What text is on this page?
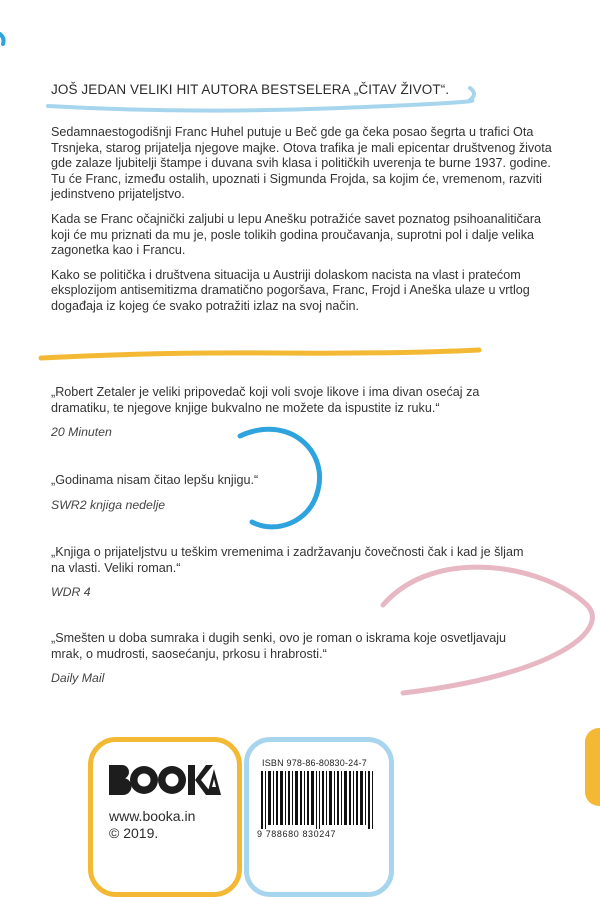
JOŠ JEDAN VELIKI HIT AUTORA BESTSELERA „ČITAV ŽIVOT“.

Sedamnaestogodišnji Franc Huhel putuje u Beč gde ga čeka posao šegrta u trafici Ota Trsnjeka, starog prijatelja njegove majke. Otova trafika je mali epicentar društvenog života gde zalaze ljubitelji štampe i duvana svih klasa i političkih uverenja te burne 1937. godine. Tu će Franc, između ostalih, upoznati i Sigmunda Frojda, sa kojim će, vremenom, razviti jedinstveno prijateljstvo.

Kada se Franc očajnički zaljubi u lepu Anešku potražiće savet poznatog psihoanalitičara koji će mu priznati da mu je, posle tolikih godina proučavanja, suprotni pol i dalje velika zagonetka kao i Francu.

Kako se politička i društvena situacija u Austriji dolaskom nacista na vlast i pratećom eksplozijom antisemitizma dramatično pogoršava, Franc, Frojd i Aneška ulaze u vrtlog događaja iz kojeg će svako potražiti izlaz na svoj način.

„Robert Zetaler je veliki pripovedač koji voli svoje likove i ima divan osećaj za dramatiku, te njegove knjige bukvalno ne možete da ispustite iz ruku.“

20 Minuten

„Godinama nisam čitao lepšu knjigu.“

SWR2 knjiga nedelje

„Knjiga o prijateljstvu u teškim vremenima i zadržavanju čovečnosti čak i kad je šljam na vlasti. Veliki roman.“

WDR 4

„Smešten u doba sumraka i dugih senki, ovo je roman o iskrama koje osvetljavaju mrak, o mudrosti, saosećanju, prkosu i hrabrosti.“

Daily Mail
www.booka.in
© 2019.
ISBN 978-86-80830-24-7
9 788680 830247
